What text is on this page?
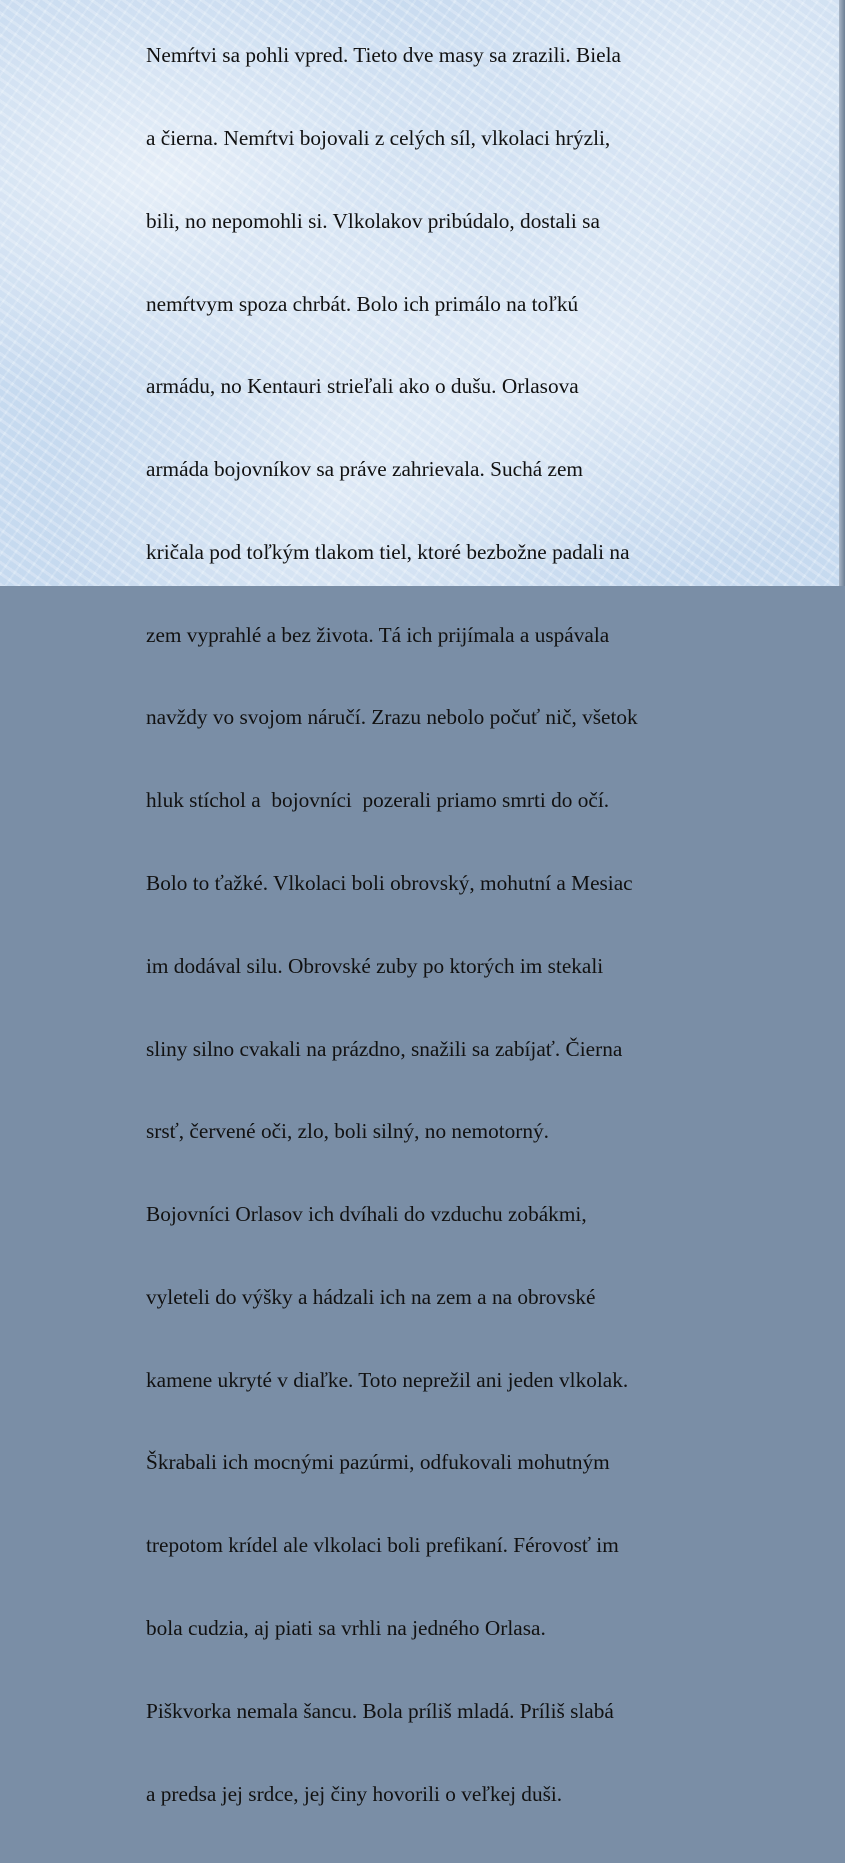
Nemŕtvi sa pohli vpred. Tieto dve masy sa zrazili. Biela

a čierna. Nemŕtvi bojovali z celých síl, vlkolaci hrýzli,

bili, no nepomohli si. Vlkolakov pribúdalo, dostali sa

nemŕtvym spoza chrbát. Bolo ich primálo na toľkú

armádu, no Kentauri strieľali ako o dušu. Orlasova

armáda bojovníkov sa práve zahrievala. Suchá zem

kričala pod toľkým tlakom tiel, ktoré bezbožne padali na

zem vyprahlé a bez života. Tá ich prijímala a uspávala

navždy vo svojom náručí. Zrazu nebolo počuť nič, všetok

hluk stíchol a  bojovníci  pozerali priamo smrti do očí.

Bolo to ťažké. Vlkolaci boli obrovský, mohutní a Mesiac

im dodával silu. Obrovské zuby po ktorých im stekali

sliny silno cvakali na prázdno, snažili sa zabíjať. Čierna

srsť, červené oči, zlo, boli silný, no nemotorný.

Bojovníci Orlasov ich dvíhali do vzduchu zobákmi,

vyleteli do výšky a hádzali ich na zem a na obrovské

kamene ukryté v diaľke. Toto neprežil ani jeden vlkolak.

Škrabali ich mocnými pazúrmi, odfukovali mohutným

trepotom krídel ale vlkolaci boli prefikaní. Férovosť im

bola cudzia, aj piati sa vrhli na jedného Orlasa.

Piškvorka nemala šancu. Bola príliš mladá. Príliš slabá

a predsa jej srdce, jej činy hovorili o veľkej duši.
